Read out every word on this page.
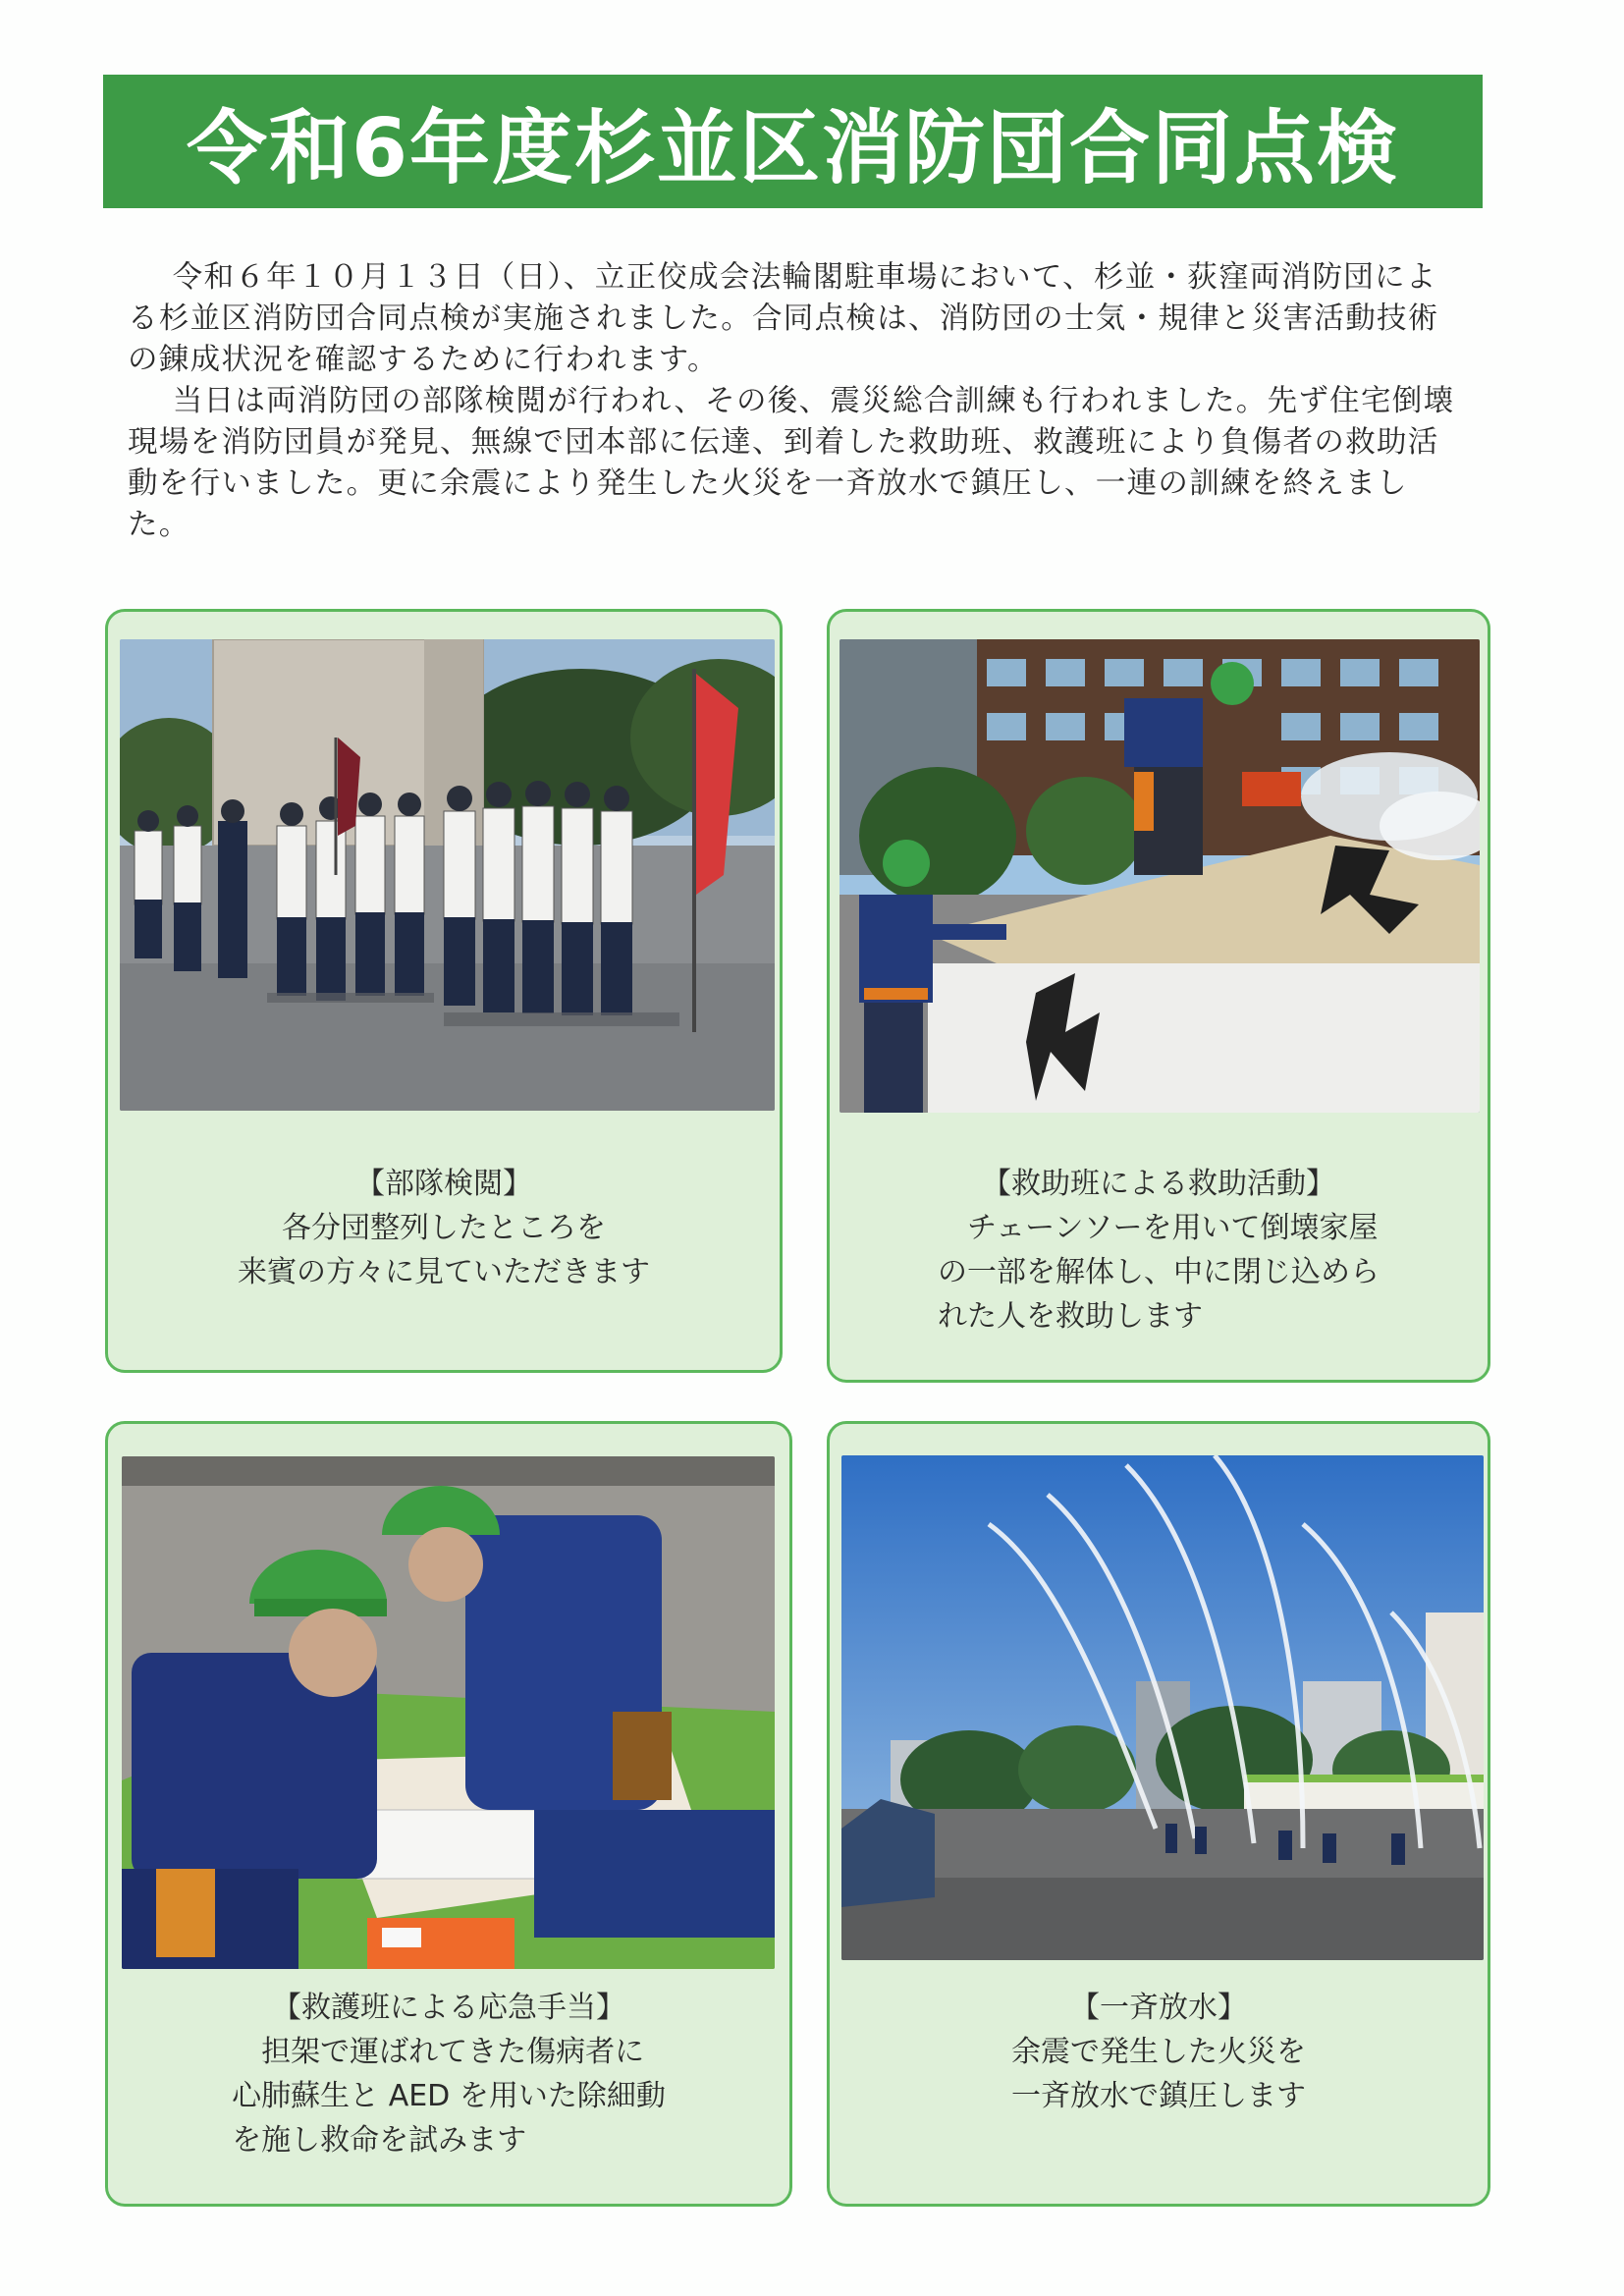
令和6年度杉並区消防団合同点検

令和６年１０月１３日（日）、立正佼成会法輪閣駐車場において、杉並・荻窪両消防団による杉並区消防団合同点検が実施されました。合同点検は、消防団の士気・規律と災害活動技術の錬成状況を確認するために行われます。

当日は両消防団の部隊検閲が行われ、その後、震災総合訓練も行われました。先ず住宅倒壊現場を消防団員が発見、無線で団本部に伝達、到着した救助班、救護班により負傷者の救助活動を行いました。更に余震により発生した火災を一斉放水で鎮圧し、一連の訓練を終えました。

【部隊検閲】
各分団整列したところを
来賓の方々に見ていただきます
【救助班による救助活動】
　チェーンソーを用いて倒壊家屋
の一部を解体し、中に閉じ込めら
れた人を救助します
【救護班による応急手当】
　担架で運ばれてきた傷病者に
心肺蘇生と AED を用いた除細動
を施し救命を試みます
【一斉放水】
余震で発生した火災を
一斉放水で鎮圧します
